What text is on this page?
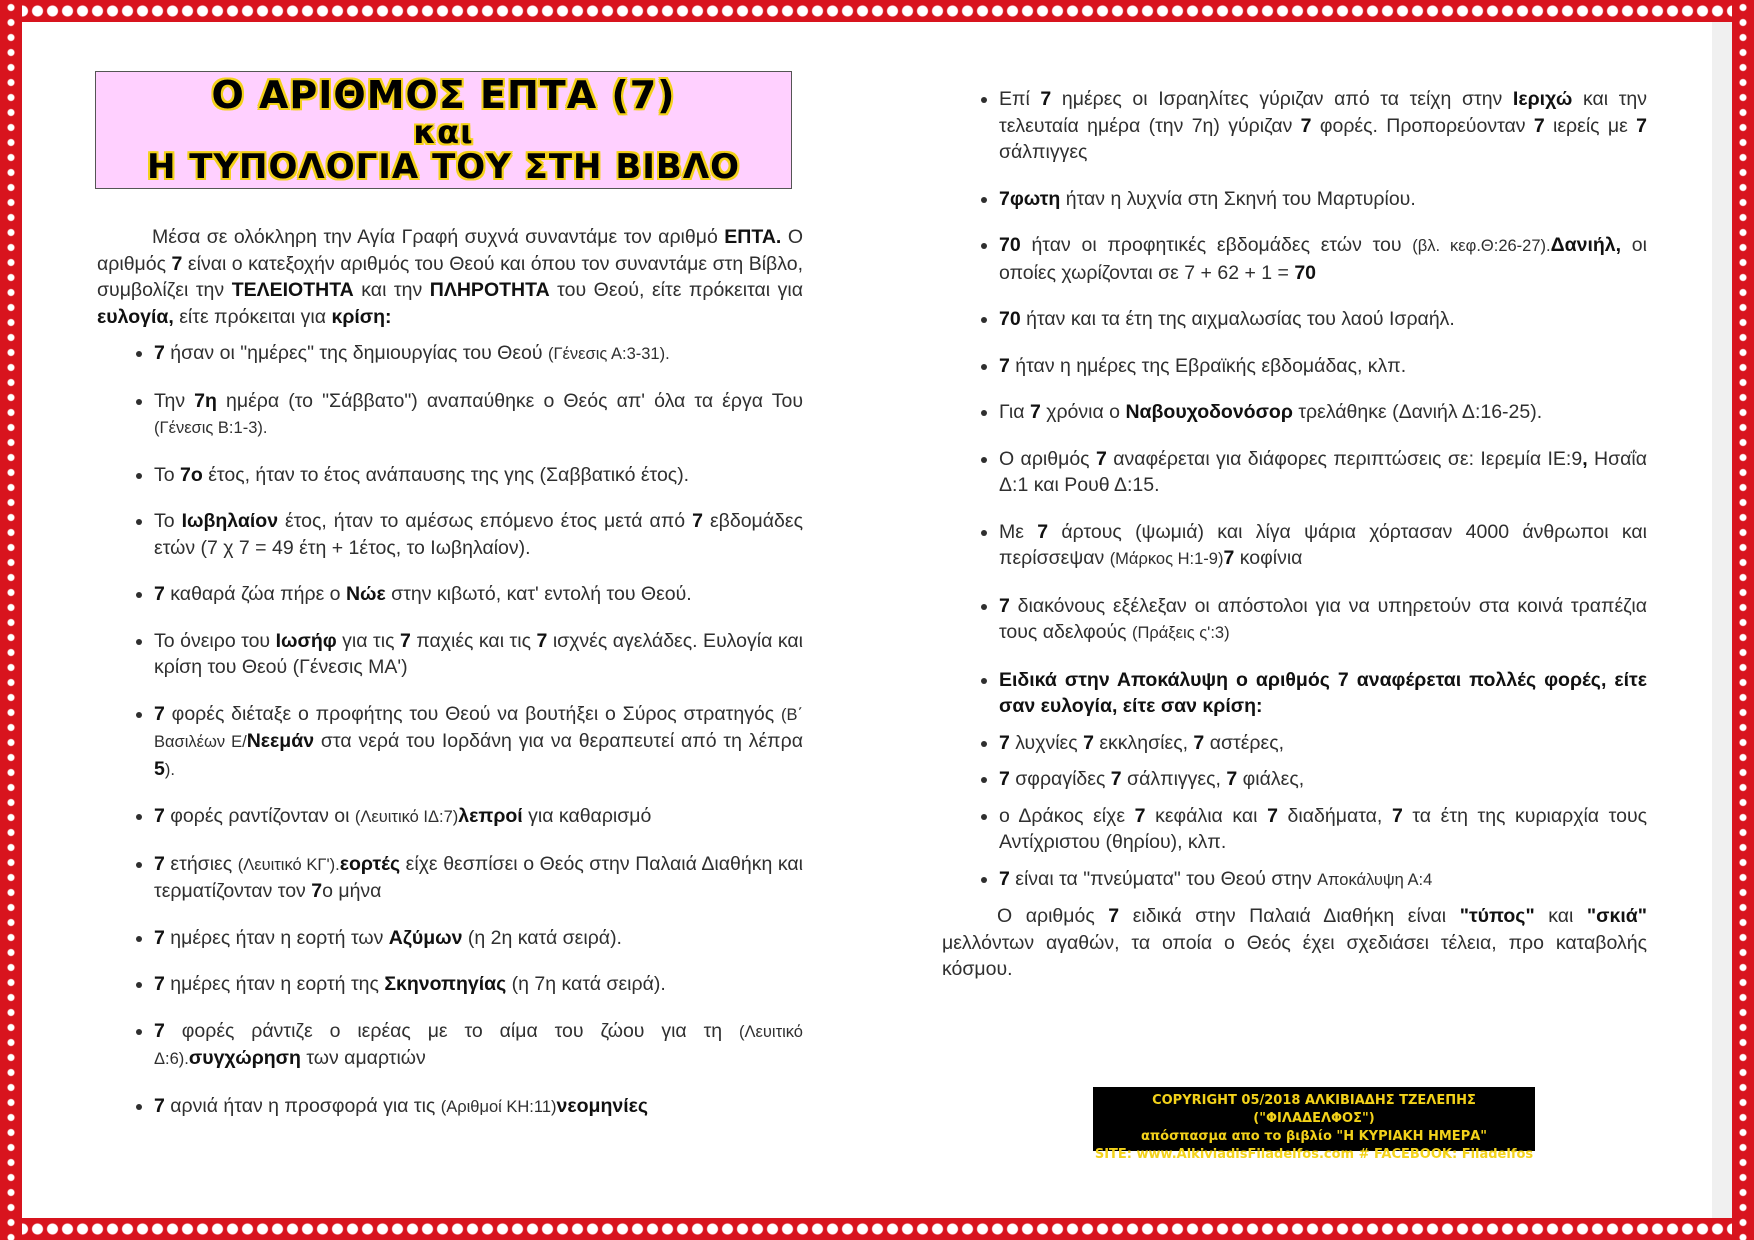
Ο ΑΡΙΘΜΟΣ ΕΠΤΑ (7)
και
Η ΤΥΠΟΛΟΓΙΑ ΤΟΥ ΣΤΗ ΒΙΒΛΟ

Μέσα σε ολόκληρη την Αγία Γραφή συχνά συναντάμε τον αριθμό ΕΠΤΑ. Ο αριθμός 7 είναι ο κατεξοχήν αριθμός του Θεού και όπου τον συναντάμε στη Βίβλο, συμβολίζει την ΤΕΛΕΙΟΤΗΤΑ και την ΠΛΗΡΟΤΗΤΑ του Θεού, είτε πρόκειται για ευλογία, είτε πρόκειται για κρίση:

• 7 ήσαν οι "ημέρες" της δημιουργίας του Θεού (Γένεσις Α:3-31).
• Την 7η ημέρα (το "Σάββατο") αναπαύθηκε ο Θεός απ' όλα τα έργα Του (Γένεσις Β:1-3).
• Το 7ο έτος, ήταν το έτος ανάπαυσης της γης (Σαββατικό έτος).
• Το Ιωβηλαίον έτος, ήταν το αμέσως επόμενο έτος μετά από 7 εβδομάδες ετών (7 χ 7 = 49 έτη + 1έτος, το Ιωβηλαίον).
• 7 καθαρά ζώα πήρε ο Νώε στην κιβωτό, κατ' εντολή του Θεού.
• Το όνειρο του Ιωσήφ για τις 7 παχιές και τις 7 ισχνές αγελάδες. Ευλογία και κρίση του Θεού (Γένεσις ΜΑ')
• 7 φορές διέταξε ο προφήτης του Θεού να βουτήξει ο Σύρος στρατηγός (Β΄ Βασιλέων Ε/Νεεμάν στα νερά του Ιορδάνη για να θεραπευτεί από τη λέπρα 5).
• 7 φορές ραντίζονταν οι (Λευιτικό ΙΔ:7)λεπροί για καθαρισμό
• 7 ετήσιες (Λευιτικό ΚΓ').εορτές είχε θεσπίσει ο Θεός στην Παλαιά Διαθήκη και τερματίζονταν τον 7ο μήνα
• 7 ημέρες ήταν η εορτή των Αζύμων (η 2η κατά σειρά).
• 7 ημέρες ήταν η εορτή της Σκηνοπηγίας (η 7η κατά σειρά).
• 7 φορές ράντιζε ο ιερέας με το αίμα του ζώου για τη (Λευιτικό Δ:6).συγχώρηση των αμαρτιών
• 7 αρνιά ήταν η προσφορά για τις (Αριθμοί ΚΗ:11)νεομηνίες
• Επί 7 ημέρες οι Ισραηλίτες γύριζαν από τα τείχη στην Ιεριχώ και την τελευταία ημέρα (την 7η) γύριζαν 7 φορές. Προπορεύονταν 7 ιερείς με 7 σάλπιγγες
• 7φωτη ήταν η λυχνία στη Σκηνή του Μαρτυρίου.
• 70 ήταν οι προφητικές εβδομάδες ετών του (βλ. κεφ.Θ:26-27).Δανιήλ, οι οποίες χωρίζονται σε 7 + 62 + 1 = 70
• 70 ήταν και τα έτη της αιχμαλωσίας του λαού Ισραήλ.
• 7 ήταν η ημέρες της Εβραϊκής εβδομάδας, κλπ.
• Για 7 χρόνια ο Ναβουχοδονόσορ τρελάθηκε (Δανιήλ Δ:16-25).
• Ο αριθμός 7 αναφέρεται για διάφορες περιπτώσεις σε: Ιερεμία ΙΕ:9, Ησαΐα Δ:1 και Ρουθ Δ:15.
• Με 7 άρτους (ψωμιά) και λίγα ψάρια χόρτασαν 4000 άνθρωποι και περίσσεψαν (Μάρκος Η:1-9)7 κοφίνια
• 7 διακόνους εξέλεξαν οι απόστολοι για να υπηρετούν στα κοινά τραπέζια τους αδελφούς (Πράξεις ς':3)
• Ειδικά στην Αποκάλυψη ο αριθμός 7 αναφέρεται πολλές φορές, είτε σαν ευλογία, είτε σαν κρίση:
• 7 λυχνίες 7 εκκλησίες, 7 αστέρες,
• 7 σφραγίδες 7 σάλπιγγες, 7 φιάλες,
• ο Δράκος είχε 7 κεφάλια και 7 διαδήματα, 7 τα έτη της κυριαρχία τους Αντίχριστου (θηρίου), κλπ.
• 7 είναι τα "πνεύματα" του Θεού στην Αποκάλυψη Α:4

Ο αριθμός 7 ειδικά στην Παλαιά Διαθήκη είναι "τύπος" και "σκιά" μελλόντων αγαθών, τα οποία ο Θεός έχει σχεδιάσει τέλεια, προ καταβολής κόσμου.

COPYRIGHT 05/2018 ΑΛΚΙΒΙΑΔΗΣ ΤΖΕΛΕΠΗΣ ("ΦΙΛΑΔΕΛΦΟΣ")
απόσπασμα απο το βιβλίο "Η ΚΥΡΙΑΚΗ ΗΜΕΡΑ"
SITE: www.AlkiviadisFiladelfos.com # FACEBOOK: Filadelfos
